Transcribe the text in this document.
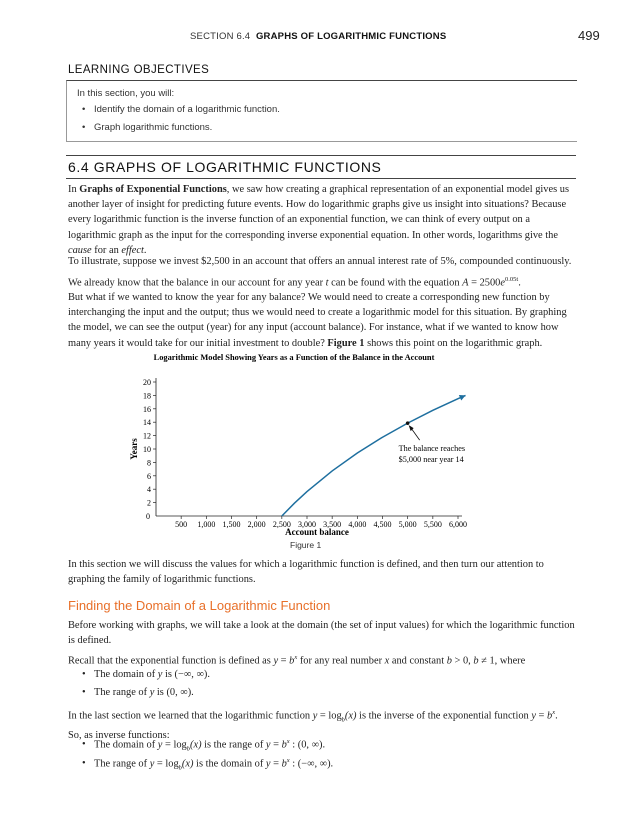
SECTION 6.4 GRAPHS OF LOGARITHMIC FUNCTIONS	499
LEARNING OBJECTIVES
In this section, you will:
• Identify the domain of a logarithmic function.
• Graph logarithmic functions.
6.4 GRAPHS OF LOGARITHMIC FUNCTIONS

In Graphs of Exponential Functions, we saw how creating a graphical representation of an exponential model gives us another layer of insight for predicting future events. How do logarithmic graphs give us insight into situations? Because every logarithmic function is the inverse function of an exponential function, we can think of every output on a logarithmic graph as the input for the corresponding inverse exponential equation. In other words, logarithms give the cause for an effect.

To illustrate, suppose we invest $2,500 in an account that offers an annual interest rate of 5%, compounded continuously.
We already know that the balance in our account for any year t can be found with the equation $A = 2500e^{0.05t}$.
But what if we wanted to know the year for any balance? We would need to create a corresponding new function by interchanging the input and the output; thus we would need to create a logarithmic model for this situation. By graphing the model, we can see the output (year) for any input (account balance). For instance, what if we wanted to know how many years it would take for our initial investment to double? Figure 1 shows this point on the logarithmic graph.
Logarithmic Model Showing Years as a Function of the Balance in the Account
2
4
6
8
10
12
14
16
18
20
0
500 1,000 1,500 2,000 2,500 3,000 3,500 4,000 4,500 5,000 5,500 6,000
The balance reaches
$5,000 near year 14
Years
Account balance
Figure 1
In this section we will discuss the values for which a logarithmic function is defined, and then turn our attention to graphing the family of logarithmic functions.
Finding the Domain of a Logarithmic Function
Before working with graphs, we will take a look at the domain (the set of input values) for which the logarithmic function is defined.
Recall that the exponential function is defined as $y = b^x$ for any real number x and constant b > 0, b ≠ 1, where
• The domain of y is (−∞, ∞).
• The range of y is (0, ∞).
In the last section we learned that the logarithmic function $y = \log_b(x)$ is the inverse of the exponential function $y = b^x$.
So, as inverse functions:
• The domain of $y = \log_b(x)$ is the range of $y = b^x$ : (0, ∞).
• The range of $y = \log_b(x)$ is the domain of $y = b^x$ : (−∞, ∞).
